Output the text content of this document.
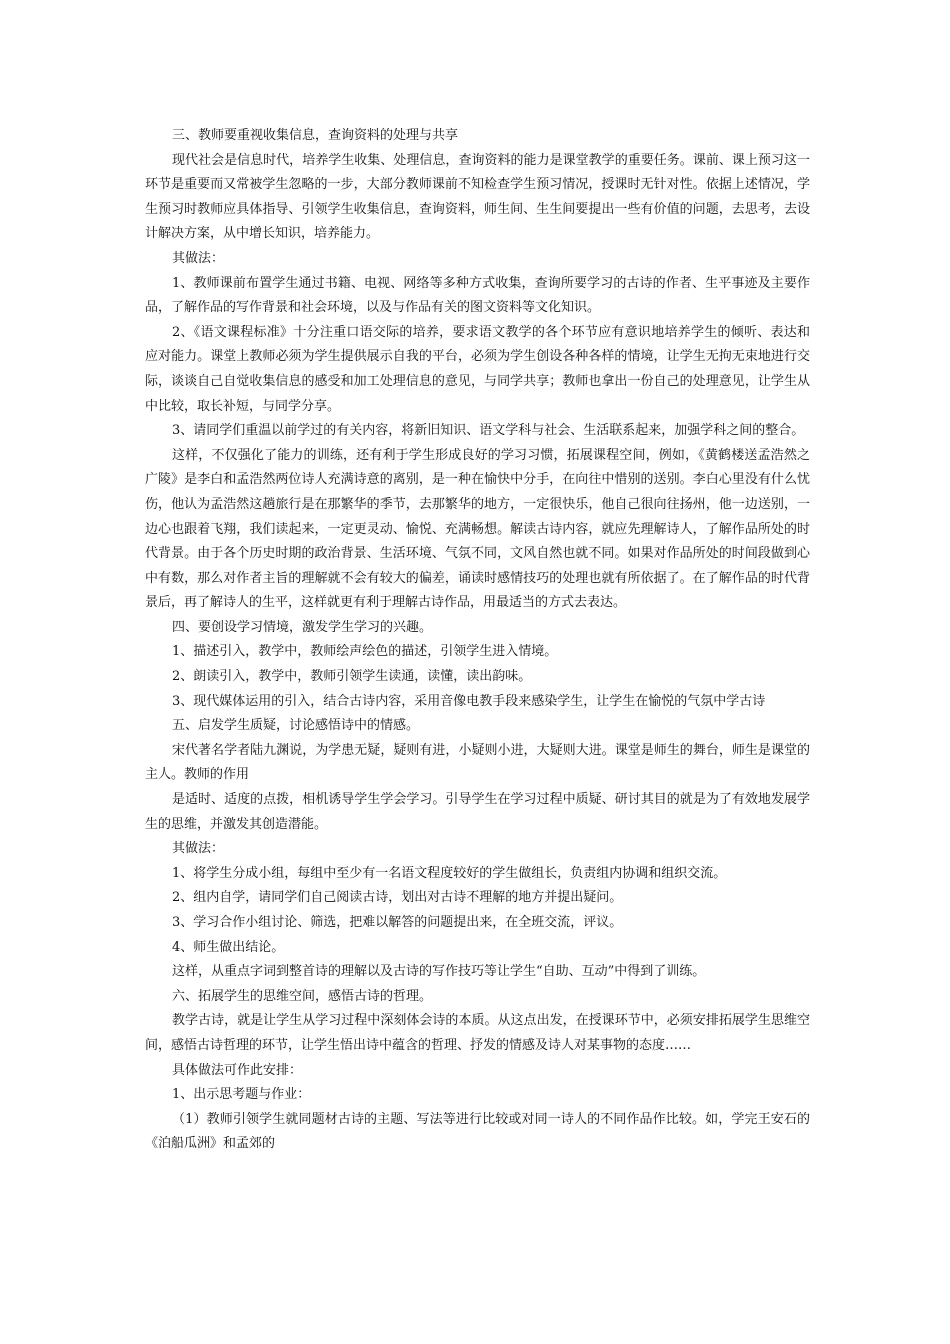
三、教师要重视收集信息，查询资料的处理与共享

现代社会是信息时代，培养学生收集、处理信息，查询资料的能力是课堂教学的重要任务。课前、课上预习这一环节是重要而又常被学生忽略的一步，大部分教师课前不知检查学生预习情况，授课时无针对性。依据上述情况，学生预习时教师应具体指导、引领学生收集信息，查询资料，师生间、生生间要提出一些有价值的问题，去思考，去设计解决方案，从中增长知识，培养能力。

其做法：

1、教师课前布置学生通过书籍、电视、网络等多种方式收集，查询所要学习的古诗的作者、生平事迹及主要作品，了解作品的写作背景和社会环境，以及与作品有关的图文资料等文化知识。

2、《语文课程标准》十分注重口语交际的培养，要求语文教学的各个环节应有意识地培养学生的倾听、表达和应对能力。课堂上教师必须为学生提供展示自我的平台，必须为学生创设各种各样的情境，让学生无拘无束地进行交际，谈谈自己自觉收集信息的感受和加工处理信息的意见，与同学共享；教师也拿出一份自己的处理意见，让学生从中比较，取长补短，与同学分享。

3、请同学们重温以前学过的有关内容，将新旧知识、语文学科与社会、生活联系起来，加强学科之间的整合。

这样，不仅强化了能力的训练，还有利于学生形成良好的学习习惯，拓展课程空间，例如，《黄鹤楼送孟浩然之广陵》是李白和孟浩然两位诗人充满诗意的离别，是一种在愉快中分手，在向往中惜别的送别。李白心里没有什么忧伤，他认为孟浩然这趟旅行是在那繁华的季节，去那繁华的地方，一定很快乐，他自己很向往扬州，他一边送别，一边心也跟着飞翔，我们读起来，一定更灵动、愉悦、充满畅想。解读古诗内容，就应先理解诗人，了解作品所处的时代背景。由于各个历史时期的政治背景、生活环境、气氛不同，文风自然也就不同。如果对作品所处的时间段做到心中有数，那么对作者主旨的理解就不会有较大的偏差，诵读时感情技巧的处理也就有所依据了。在了解作品的时代背景后，再了解诗人的生平，这样就更有利于理解古诗作品，用最适当的方式去表达。

四、要创设学习情境，激发学生学习的兴趣。

1、描述引入，教学中，教师绘声绘色的描述，引领学生进入情境。

2、朗读引入，教学中，教师引领学生读通，读懂，读出韵味。

3、现代媒体运用的引入，结合古诗内容，采用音像电教手段来感染学生，让学生在愉悦的气氛中学古诗

五、启发学生质疑，讨论感悟诗中的情感。

宋代著名学者陆九渊说，为学患无疑，疑则有进，小疑则小进，大疑则大进。课堂是师生的舞台，师生是课堂的主人。教师的作用

是适时、适度的点拨，相机诱导学生学会学习。引导学生在学习过程中质疑、研讨其目的就是为了有效地发展学生的思维，并激发其创造潜能。

其做法：

1、将学生分成小组，每组中至少有一名语文程度较好的学生做组长，负责组内协调和组织交流。

2、组内自学，请同学们自己阅读古诗，划出对古诗不理解的地方并提出疑问。

3、学习合作小组讨论、筛选，把难以解答的问题提出来，在全班交流，评议。

4、师生做出结论。

这样，从重点字词到整首诗的理解以及古诗的写作技巧等让学生“自助、互动”中得到了训练。

六、拓展学生的思维空间，感悟古诗的哲理。

教学古诗，就是让学生从学习过程中深刻体会诗的本质。从这点出发，在授课环节中，必须安排拓展学生思维空间，感悟古诗哲理的环节，让学生悟出诗中蕴含的哲理、抒发的情感及诗人对某事物的态度……

具体做法可作此安排：

1、出示思考题与作业：

（1）教师引领学生就同题材古诗的主题、写法等进行比较或对同一诗人的不同作品作比较。如，学完王安石的《泊船瓜洲》和孟郊的
